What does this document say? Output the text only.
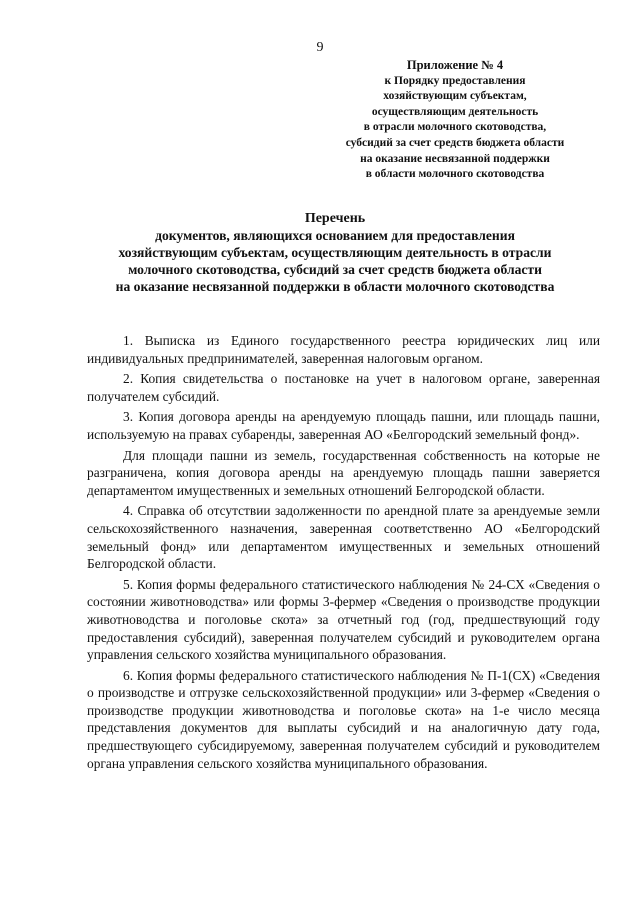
9
Приложение № 4
к Порядку предоставления
хозяйствующим субъектам,
осуществляющим деятельность
в отрасли молочного скотоводства,
субсидий за счет средств бюджета области
на оказание несвязанной поддержки
в области молочного скотоводства
Перечень
документов, являющихся основанием для предоставления
хозяйствующим субъектам, осуществляющим деятельность в отрасли
молочного скотоводства, субсидий за счет средств бюджета области
на оказание несвязанной поддержки в области молочного скотоводства

1. Выписка из Единого государственного реестра юридических лиц или индивидуальных предпринимателей, заверенная налоговым органом.

2. Копия свидетельства о постановке на учет в налоговом органе, заверенная получателем субсидий.

3. Копия договора аренды на арендуемую площадь пашни, или площадь пашни, используемую на правах субаренды, заверенная АО «Белгородский земельный фонд».

Для площади пашни из земель, государственная собственность на которые не разграничена, копия договора аренды на арендуемую площадь пашни заверяется департаментом имущественных и земельных отношений Белгородской области.

4. Справка об отсутствии задолженности по арендной плате за арендуемые земли сельскохозяйственного назначения, заверенная соответственно АО «Белгородский земельный фонд» или департаментом имущественных и земельных отношений Белгородской области.

5. Копия формы федерального статистического наблюдения № 24-СХ «Сведения о состоянии животноводства» или формы 3-фермер «Сведения о производстве продукции животноводства и поголовье скота» за отчетный год (год, предшествующий году предоставления субсидий), заверенная получателем субсидий и руководителем органа управления сельского хозяйства муниципального образования.

6. Копия формы федерального статистического наблюдения № П-1(СХ) «Сведения о производстве и отгрузке сельскохозяйственной продукции» или 3-фермер «Сведения о производстве продукции животноводства и поголовье скота» на 1-е число месяца представления документов для выплаты субсидий и на аналогичную дату года, предшествующего субсидируемому, заверенная получателем субсидий и руководителем органа управления сельского хозяйства муниципального образования.
